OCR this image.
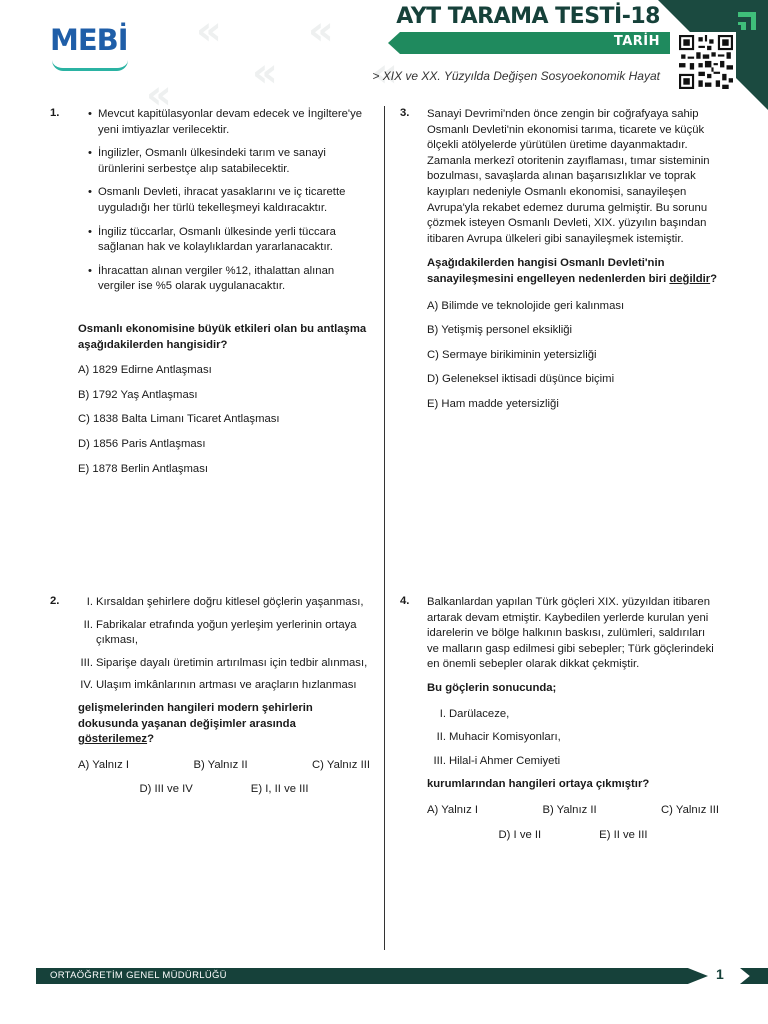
« «
«
«	«
MEBİ
AYT TARAMA TESTİ-18
TARİH
> XIX ve XX. Yüzyılda Değişen Sosyoekonomik Hayat
1.
•	Mevcut kapitülasyonlar devam edecek ve İngiltere'ye yeni imtiyazlar verilecektir.
• İngilizler, Osmanlı ülkesindeki tarım ve sanayi ürünlerini serbestçe alıp satabilecektir.
• Osmanlı Devleti, ihracat yasaklarını ve iç ticarette uyguladığı her türlü tekelleşmeyi kaldıracaktır.
• İngiliz tüccarlar, Osmanlı ülkesinde yerli tüccara sağlanan hak ve kolaylıklardan yararlanacaktır.
• İhracattan alınan vergiler %12, ithalattan alınan vergiler ise %5 olarak uygulanacaktır.
Osmanlı ekonomisine büyük etkileri olan bu antlaşma aşağıdakilerden hangisidir?
A) 1829 Edirne Antlaşması
B) 1792 Yaş Antlaşması
C) 1838 Balta Limanı Ticaret Antlaşması
D) 1856 Paris Antlaşması
E) 1878 Berlin Antlaşması
2.	I. Kırsaldan şehirlere doğru kitlesel göçlerin yaşanması,
II. Fabrikalar etrafında yoğun yerleşim yerlerinin ortaya çıkması,
III. Siparişe dayalı üretimin artırılması için tedbir alınması,
IV. Ulaşım imkânlarının artması ve araçların hızlanması
gelişmelerinden hangileri modern şehirlerin dokusunda yaşanan değişimler arasında gösterilemez?
A) Yalnız I	B) Yalnız II	C) Yalnız III
D) III ve IV	E) I, II ve III
3. Sanayi Devrimi'nden önce zengin bir coğrafyaya sahip Osmanlı Devleti'nin ekonomisi tarıma, ticarete ve küçük ölçekli atölyelerde yürütülen üretime dayanmaktadır. Zamanla merkezî otoritenin zayıflaması, tımar sisteminin bozulması, savaşlarda alınan başarısızlıklar ve toprak kayıpları nedeniyle Osmanlı ekonomisi, sanayileşen Avrupa'yla rekabet edemez duruma gelmiştir. Bu sorunu çözmek isteyen Osmanlı Devleti, XIX. yüzyılın başından itibaren Avrupa ülkeleri gibi sanayileşmek istemiştir.
Aşağıdakilerden hangisi Osmanlı Devleti'nin sanayileşmesini engelleyen nedenlerden biri değildir?
A) Bilimde ve teknolojide geri kalınması
B) Yetişmiş personel eksikliği
C) Sermaye birikiminin yetersizliği
D) Geleneksel iktisadi düşünce biçimi
E) Ham madde yetersizliği
4. Balkanlardan yapılan Türk göçleri XIX. yüzyıldan itibaren artarak devam etmiştir. Kaybedilen yerlerde kurulan yeni idarelerin ve bölge halkının baskısı, zulümleri, saldırıları ve malların gasp edilmesi gibi sebepler; Türk göçlerindeki en önemli sebepler olarak dikkat çekmiştir.
Bu göçlerin sonucunda;
I. Darülaceze,
II. Muhacir Komisyonları,
III. Hilal-i Ahmer Cemiyeti
kurumlarından hangileri ortaya çıkmıştır?
A) Yalnız I	B) Yalnız II	C) Yalnız III
D) I ve II	E) II ve III
ORTAÖĞRETİM GENEL MÜDÜRLÜĞÜ	1
